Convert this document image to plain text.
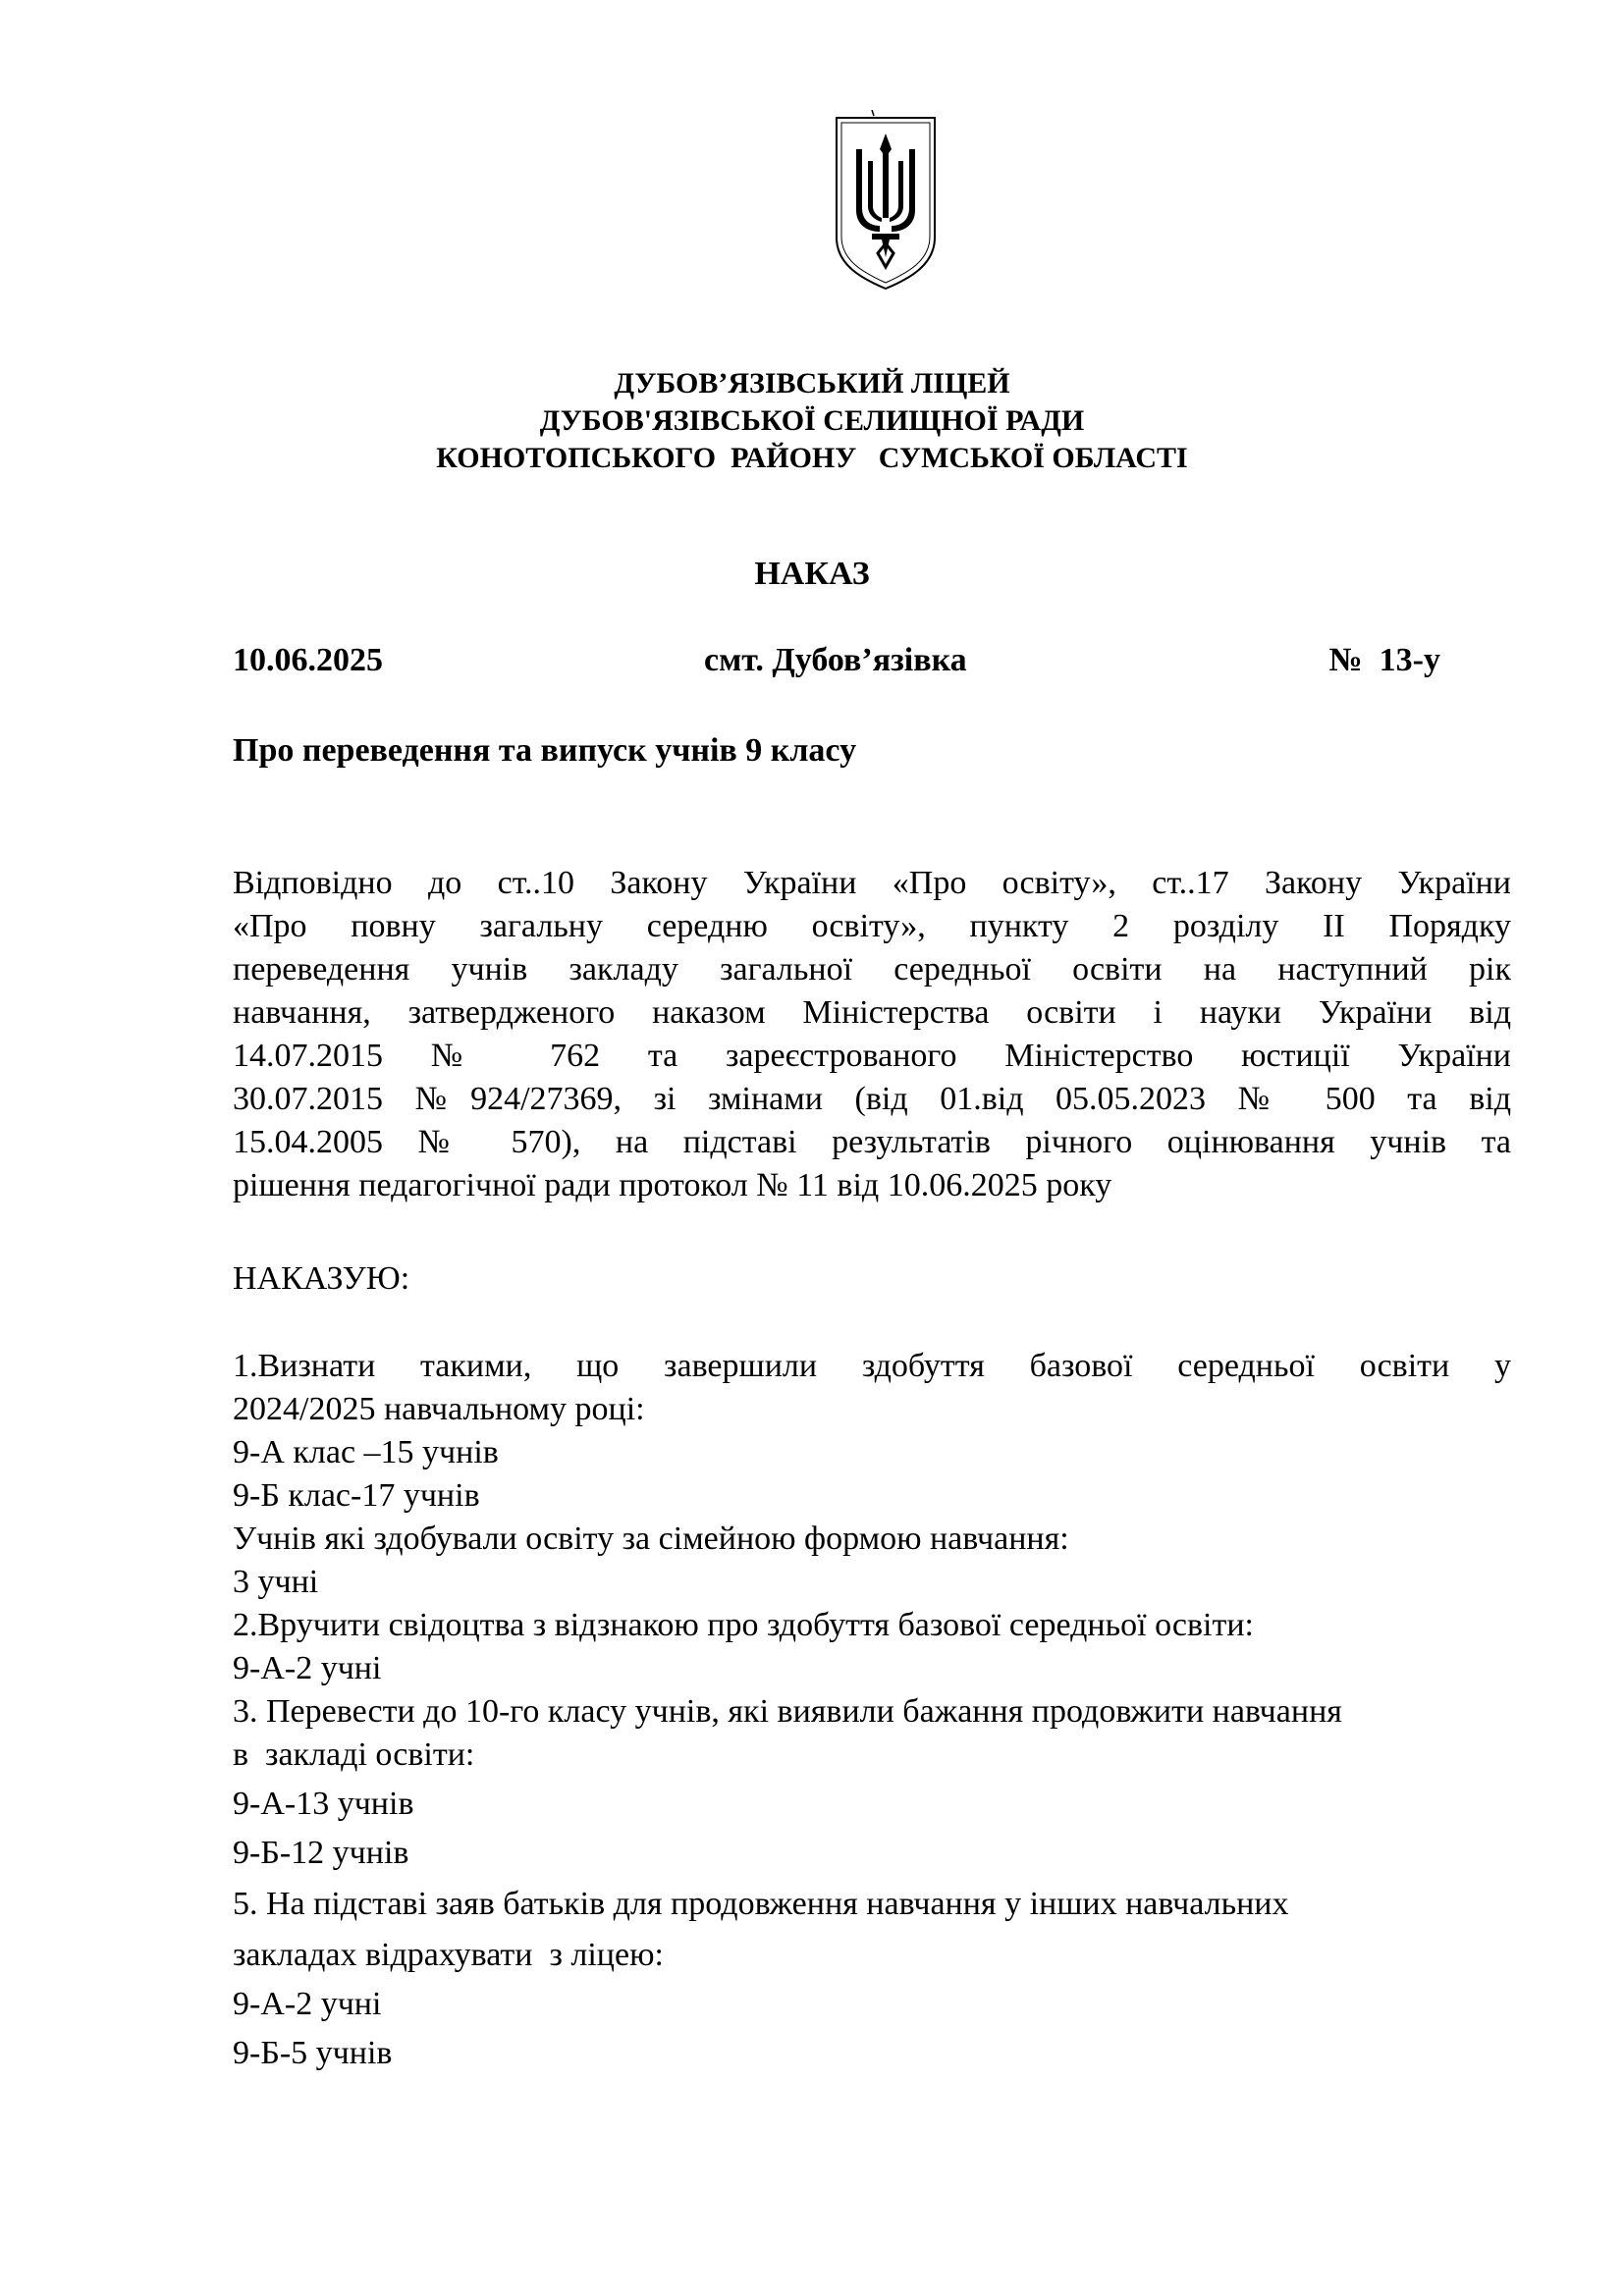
ДУБОВ’ЯЗІВСЬКИЙ ЛІЦЕЙ
ДУБОВ'ЯЗІВСЬКОЇ СЕЛИЩНОЇ РАДИ
КОНОТОПСЬКОГО  РАЙОНУ   СУМСЬКОЇ ОБЛАСТІ
НАКАЗ
10.06.2025	смт. Дубов’язівка	№  13-у
Про переведення та випуск учнів 9 класу
Відповідно до ст..10 Закону України «Про освіту», ст..17 Закону України
«Про повну загальну середню освіту», пункту 2 розділу ІІ Порядку
переведення учнів закладу загальної середньої освіти на наступний рік
навчання, затвердженого наказом Міністерства освіти і науки України від
14.07.2015 № 762 та зареєстрованого Міністерство юстиції України
30.07.2015 №924/27369, зі змінами (від 01.від 05.05.2023 № 500 та від
15.04.2005 № 570), на підставі результатів річного оцінювання учнів та
рішення педагогічної ради протокол № 11 від 10.06.2025 року
НАКАЗУЮ:
1.Визнати такими, що завершили здобуття базової середньої освіти у
2024/2025 навчальному році:
9-А клас –15 учнів
9-Б клас-17 учнів
Учнів які здобували освіту за сімейною формою навчання:
3 учні
2.Вручити свідоцтва з відзнакою про здобуття базової середньої освіти:
9-А-2 учні
3. Перевести до 10-го класу учнів, які виявили бажання продовжити навчання
в  закладі освіти:
9-А-13 учнів
9-Б-12 учнів
5. На підставі заяв батьків для продовження навчання у інших навчальних
закладах відрахувати  з ліцею:
9-А-2 учні
9-Б-5 учнів
